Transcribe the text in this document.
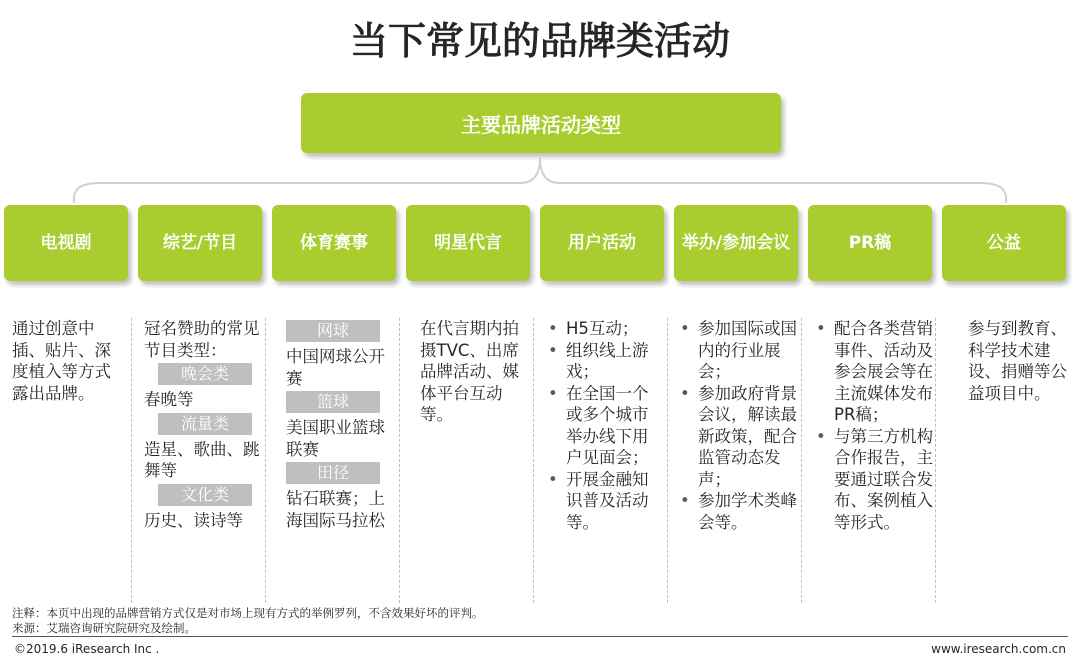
当下常见的品牌类活动
主要品牌活动类型
电视剧	综艺/节目	体育赛事	明星代言	用户活动	举办/参加会议	PR稿	公益

通过创意中插、贴片、深度植入等方式露出品牌。

冠名赞助的常见节目类型：

晚会类

春晚等

流量类

造星、歌曲、跳舞等

文化类

历史、读诗等

网球

中国网球公开赛

篮球

美国职业篮球联赛

田径

钻石联赛；上海国际马拉松

在代言期内拍摄TVC、出席品牌活动、媒体平台互动等。

• H5互动；
• 组织线上游戏；
• 在全国一个或多个城市举办线下用户见面会；
• 开展金融知识普及活动等。
• 参加国际或国内的行业展会；
• 参加政府背景会议，解读最新政策，配合监管动态发声；
• 参加学术类峰会等。
• 配合各类营销事件、活动及参会展会等在主流媒体发布PR稿；
• 与第三方机构合作报告，主要通过联合发布、案例植入等形式。

参与到教育、科学技术建设、捐赠等公益项目中。

注释：本页中出现的品牌营销方式仅是对市场上现有方式的举例罗列，不含效果好坏的评判。
来源：艾瑞咨询研究院研究及绘制。
©2019.6 iResearch Inc .	www.iresearch.com.cn
